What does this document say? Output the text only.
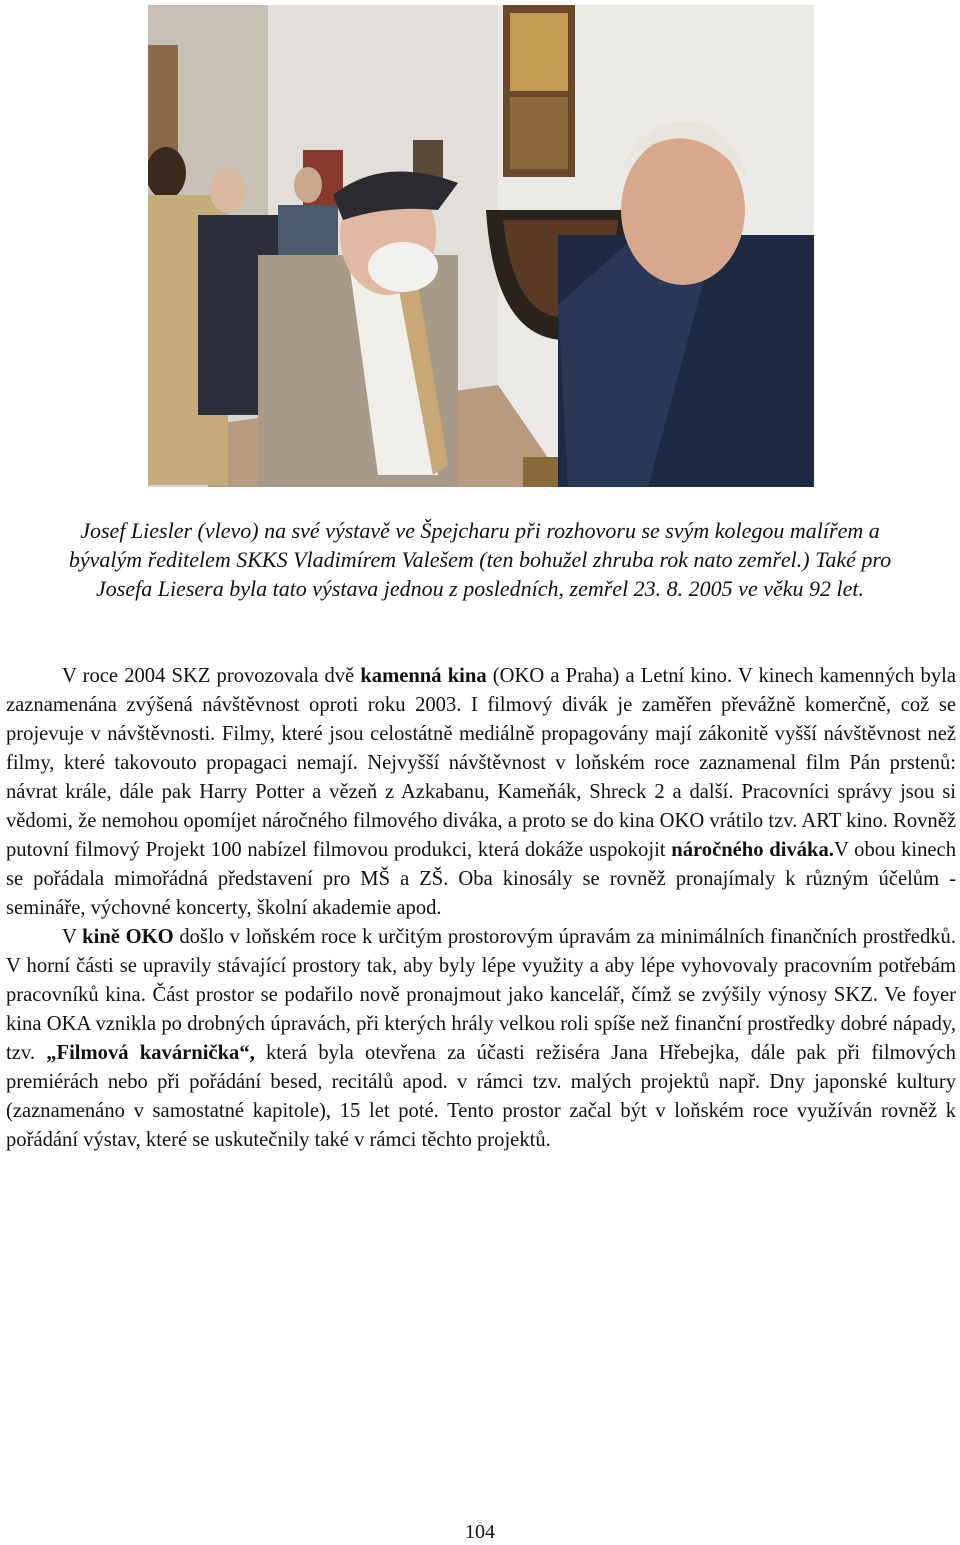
Josef Liesler (vlevo) na své výstavě ve Špejcharu při rozhovoru se svým kolegou malířem a
bývalým ředitelem SKKS Vladimírem Valešem (ten bohužel zhruba rok nato zemřel.) Také pro
Josefa Liesera byla tato výstava jednou z posledních, zemřel 23. 8. 2005 ve věku 92 let.

V roce 2004 SKZ provozovala dvě kamenná kina (OKO a Praha) a Letní kino. V kinech kamenných byla zaznamenána zvýšená návštěvnost oproti roku 2003. I filmový divák je zaměřen převážně komerčně, což se projevuje v návštěvnosti. Filmy, které jsou celostátně mediálně propagovány mají zákonitě vyšší návštěvnost než filmy, které takovouto propagaci nemají. Nejvyšší návštěvnost v loňském roce zaznamenal film Pán prstenů: návrat krále, dále pak Harry Potter a vězeň z Azkabanu, Kameňák, Shreck 2 a další. Pracovníci správy jsou si vědomi, že nemohou opomíjet náročného filmového diváka, a proto se do kina OKO vrátilo tzv. ART kino. Rovněž putovní filmový Projekt 100 nabízel filmovou produkci, která dokáže uspokojit náročného diváka.V obou kinech se pořádala mimořádná představení pro MŠ a ZŠ. Oba kinosály se rovněž pronajímaly k různým účelům - semináře, výchovné koncerty, školní akademie apod.

V kině OKO došlo v loňském roce k určitým prostorovým úpravám za minimálních finančních prostředků. V horní části se upravily stávající prostory tak, aby byly lépe využity a aby lépe vyhovovaly pracovním potřebám pracovníků kina. Část prostor se podařilo nově pronajmout jako kancelář, čímž se zvýšily výnosy SKZ. Ve foyer kina OKA vznikla po drobných úpravách, při kterých hrály velkou roli spíše než finanční prostředky dobré nápady, tzv. „Filmová kavárnička“, která byla otevřena za účasti režiséra Jana Hřebejka, dále pak při filmových premiérách nebo při pořádání besed, recitálů apod. v rámci tzv. malých projektů např. Dny japonské kultury (zaznamenáno v samostatné kapitole), 15 let poté. Tento prostor začal být v loňském roce využíván rovněž k pořádání výstav, které se uskutečnily také v rámci těchto projektů.

104
